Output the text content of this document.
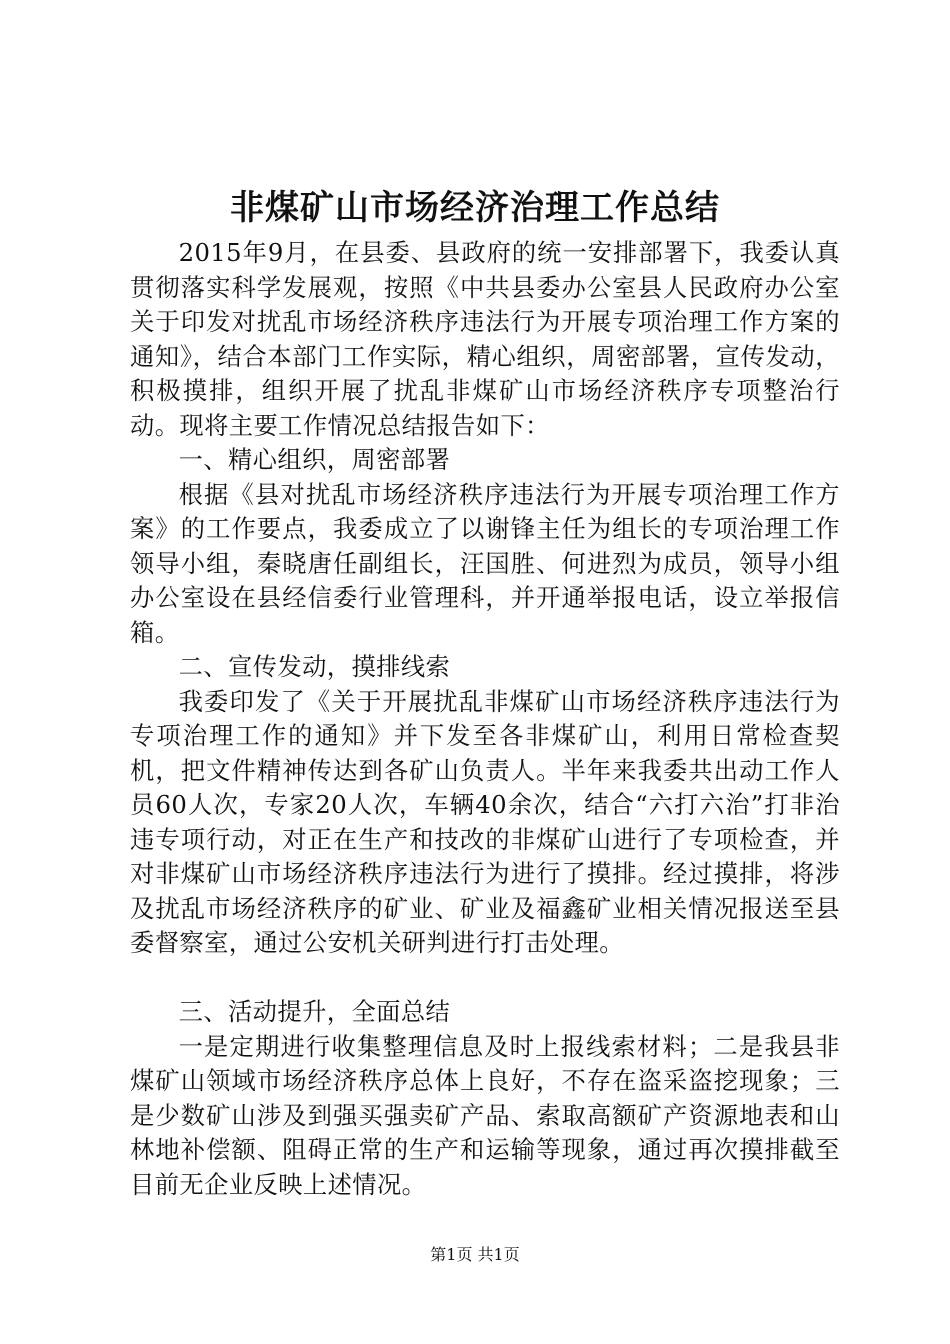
非煤矿山市场经济治理工作总结

2015年9月，在县委、县政府的统一安排部署下，我委认真贯彻落实科学发展观，按照《中共县委办公室县人民政府办公室关于印发对扰乱市场经济秩序违法行为开展专项治理工作方案的通知》，结合本部门工作实际，精心组织，周密部署，宣传发动，积极摸排，组织开展了扰乱非煤矿山市场经济秩序专项整治行动。现将主要工作情况总结报告如下：

一、精心组织，周密部署

根据《县对扰乱市场经济秩序违法行为开展专项治理工作方案》的工作要点，我委成立了以谢锋主任为组长的专项治理工作领导小组，秦晓唐任副组长，汪国胜、何进烈为成员，领导小组办公室设在县经信委行业管理科，并开通举报电话，设立举报信箱。

二、宣传发动，摸排线索

我委印发了《关于开展扰乱非煤矿山市场经济秩序违法行为专项治理工作的通知》并下发至各非煤矿山，利用日常检查契机，把文件精神传达到各矿山负责人。半年来我委共出动工作人员60人次，专家20人次，车辆40余次，结合“六打六治”打非治违专项行动，对正在生产和技改的非煤矿山进行了专项检查，并对非煤矿山市场经济秩序违法行为进行了摸排。经过摸排，将涉及扰乱市场经济秩序的矿业、矿业及福鑫矿业相关情况报送至县委督察室，通过公安机关研判进行打击处理。

三、活动提升，全面总结

一是定期进行收集整理信息及时上报线索材料；二是我县非煤矿山领域市场经济秩序总体上良好，不存在盗采盗挖现象；三是少数矿山涉及到强买强卖矿产品、索取高额矿产资源地表和山林地补偿额、阻碍正常的生产和运输等现象，通过再次摸排截至目前无企业反映上述情况。

第1页 共1页
